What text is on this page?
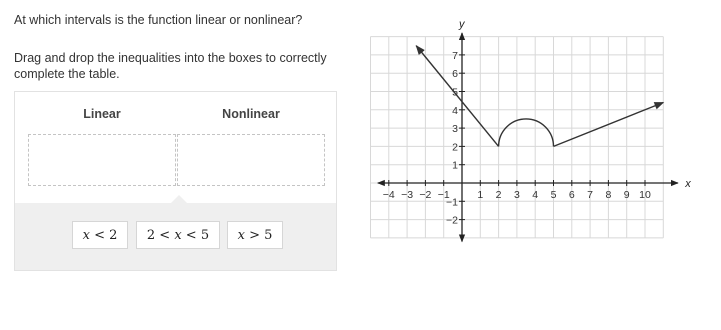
At which intervals is the function linear or nonlinear?
Drag and drop the inequalities into the boxes to correctly complete the table.
Linear	Nonlinear
x < 2 2 < x < 5 x > 5
x
y
−4 −3 −2 −1	1 2 3 4 5 6 7 8 9 10
−2
−1
1
2
3
4
5
6
7
